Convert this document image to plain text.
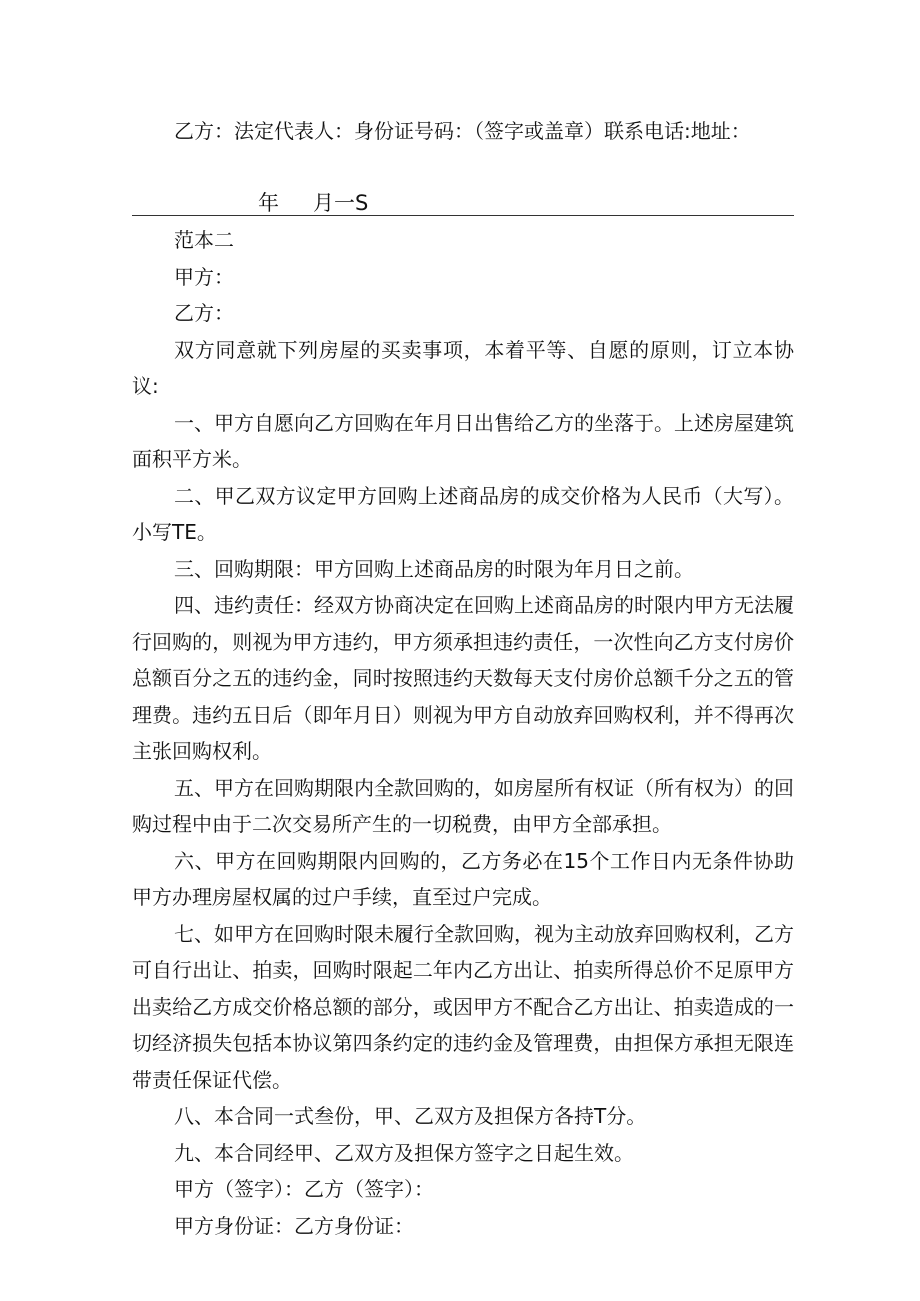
乙方：法定代表人：身份证号码：（签字或盖章）联系电话:地址：
年 月一S

范本二

甲方：

乙方：

双方同意就下列房屋的买卖事项，本着平等、自愿的原则，订立本协议:

一、甲方自愿向乙方回购在年月日出售给乙方的坐落于。上述房屋建筑面积平方米。

二、甲乙双方议定甲方回购上述商品房的成交价格为人民币（大写）。小写TE。

三、回购期限：甲方回购上述商品房的时限为年月日之前。

四、违约责任：经双方协商决定在回购上述商品房的时限内甲方无法履行回购的，则视为甲方违约，甲方须承担违约责任，一次性向乙方支付房价总额百分之五的违约金，同时按照违约天数每天支付房价总额千分之五的管理费。违约五日后（即年月日）则视为甲方自动放弃回购权利，并不得再次主张回购权利。

五、甲方在回购期限内全款回购的，如房屋所有权证（所有权为）的回购过程中由于二次交易所产生的一切税费，由甲方全部承担。

六、甲方在回购期限内回购的，乙方务必在15个工作日内无条件协助甲方办理房屋权属的过户手续，直至过户完成。

七、如甲方在回购时限未履行全款回购，视为主动放弃回购权利，乙方可自行出让、拍卖，回购时限起二年内乙方出让、拍卖所得总价不足原甲方出卖给乙方成交价格总额的部分，或因甲方不配合乙方出让、拍卖造成的一切经济损失包括本协议第四条约定的违约金及管理费，由担保方承担无限连带责任保证代偿。

八、本合同一式叁份，甲、乙双方及担保方各持T分。

九、本合同经甲、乙双方及担保方签字之日起生效。

甲方（签字）：乙方（签字）：

甲方身份证：乙方身份证：
